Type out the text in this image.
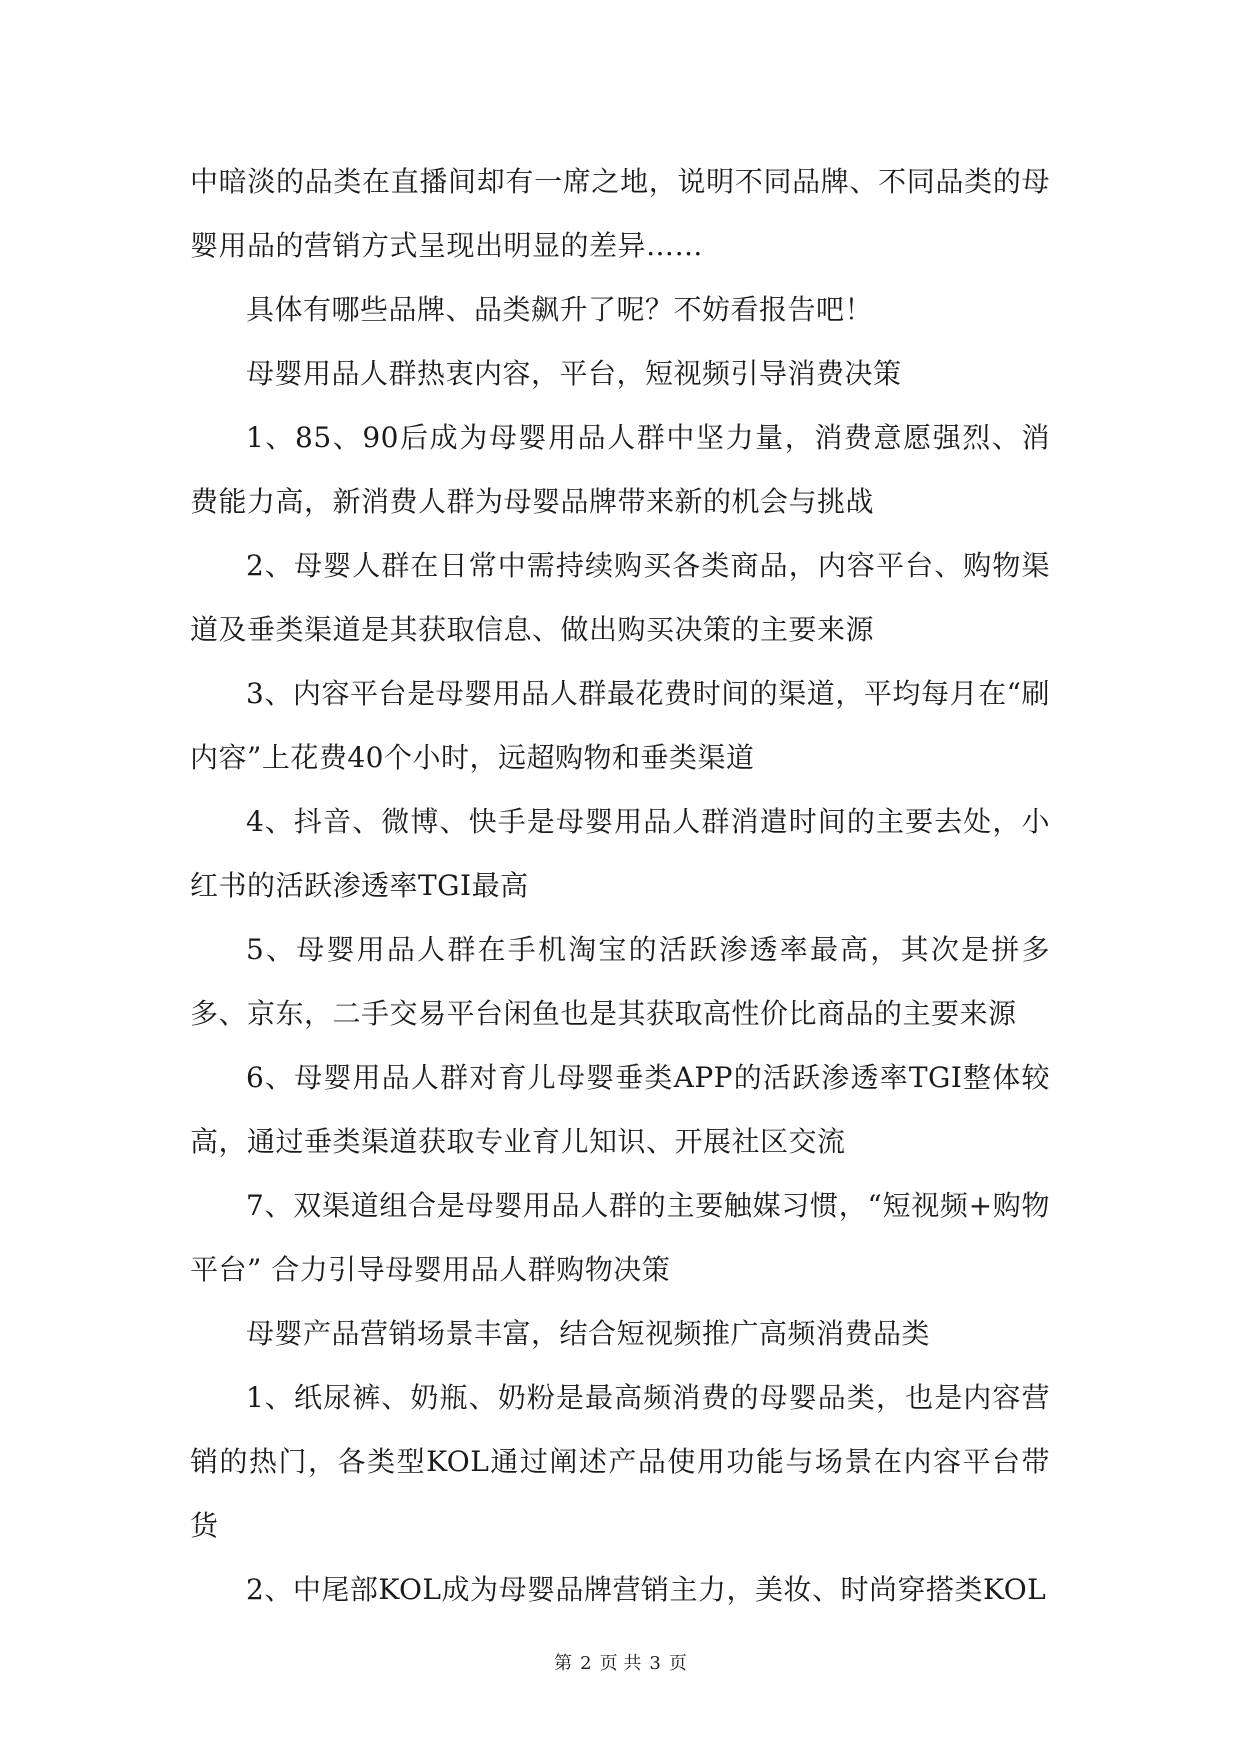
中暗淡的品类在直播间却有一席之地，说明不同品牌、不同品类的母婴用品的营销方式呈现出明显的差异……

具体有哪些品牌、品类飙升了呢？不妨看报告吧！

母婴用品人群热衷内容，平台，短视频引导消费决策

1、85、90后成为母婴用品人群中坚力量，消费意愿强烈、消费能力高，新消费人群为母婴品牌带来新的机会与挑战

2、母婴人群在日常中需持续购买各类商品，内容平台、购物渠道及垂类渠道是其获取信息、做出购买决策的主要来源

3、内容平台是母婴用品人群最花费时间的渠道，平均每月在“刷内容”上花费40个小时，远超购物和垂类渠道

4、抖音、微博、快手是母婴用品人群消遣时间的主要去处，小红书的活跃渗透率TGI最高

5、母婴用品人群在手机淘宝的活跃渗透率最高，其次是拼多多、京东，二手交易平台闲鱼也是其获取高性价比商品的主要来源

6、母婴用品人群对育儿母婴垂类APP的活跃渗透率TGI整体较高，通过垂类渠道获取专业育儿知识、开展社区交流

7、双渠道组合是母婴用品人群的主要触媒习惯，“短视频+购物平台” 合力引导母婴用品人群购物决策

母婴产品营销场景丰富，结合短视频推广高频消费品类

1、纸尿裤、奶瓶、奶粉是最高频消费的母婴品类，也是内容营销的热门，各类型KOL通过阐述产品使用功能与场景在内容平台带货

2、中尾部KOL成为母婴品牌营销主力，美妆、时尚穿搭类KOL

第 2 页 共 3 页
